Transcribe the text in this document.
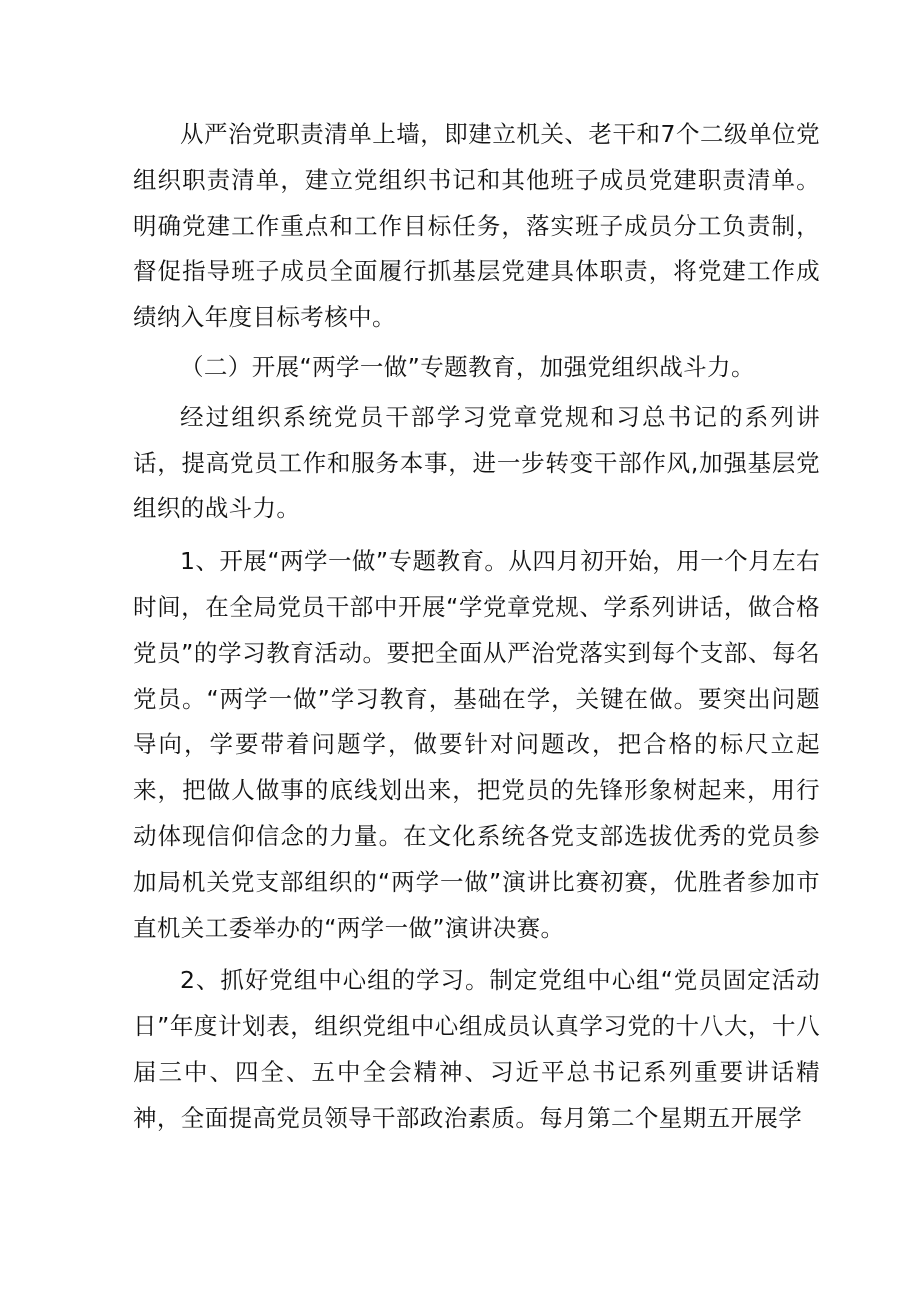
从严治党职责清单上墙，即建立机关、老干和7个二级单位党组织职责清单，建立党组织书记和其他班子成员党建职责清单。明确党建工作重点和工作目标任务，落实班子成员分工负责制，督促指导班子成员全面履行抓基层党建具体职责，将党建工作成绩纳入年度目标考核中。

（二）开展“两学一做”专题教育，加强党组织战斗力。

经过组织系统党员干部学习党章党规和习总书记的系列讲话，提高党员工作和服务本事，进一步转变干部作风,加强基层党组织的战斗力。

1、开展“两学一做”专题教育。从四月初开始，用一个月左右时间，在全局党员干部中开展“学党章党规、学系列讲话，做合格党员”的学习教育活动。要把全面从严治党落实到每个支部、每名党员。“两学一做”学习教育，基础在学，关键在做。要突出问题导向，学要带着问题学，做要针对问题改，把合格的标尺立起来，把做人做事的底线划出来，把党员的先锋形象树起来，用行动体现信仰信念的力量。在文化系统各党支部选拔优秀的党员参加局机关党支部组织的“两学一做”演讲比赛初赛，优胜者参加市直机关工委举办的“两学一做”演讲决赛。

2、抓好党组中心组的学习。制定党组中心组“党员固定活动日”年度计划表，组织党组中心组成员认真学习党的十八大，十八届三中、四全、五中全会精神、习近平总书记系列重要讲话精神，全面提高党员领导干部政治素质。每月第二个星期五开展学
